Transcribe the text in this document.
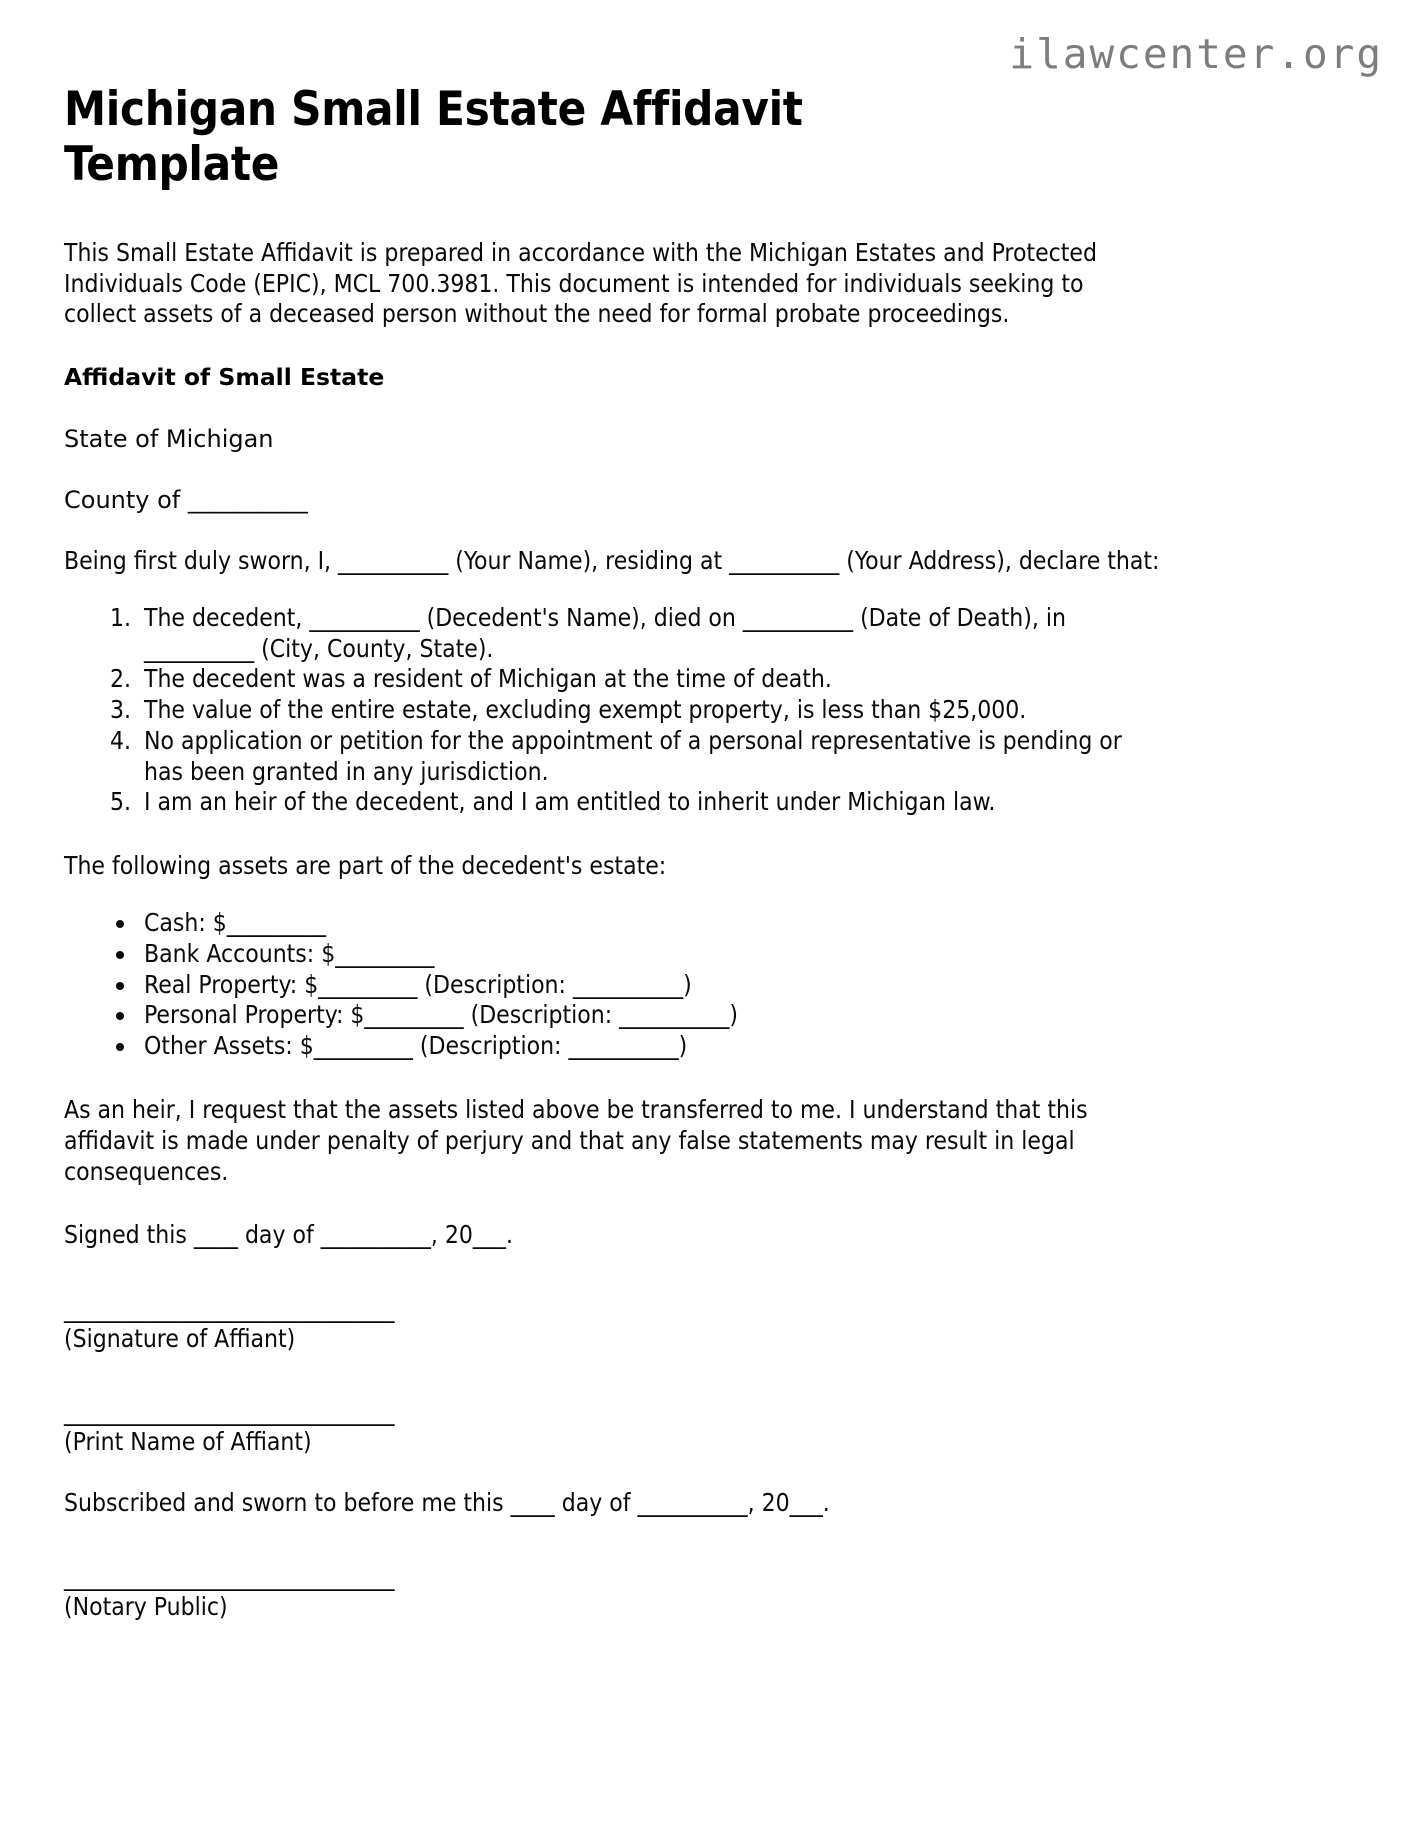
ilawcenter.org
Michigan Small Estate Affidavit Template

This Small Estate Affidavit is prepared in accordance with the Michigan Estates and Protected Individuals Code (EPIC), MCL 700.3981. This document is intended for individuals seeking to collect assets of a deceased person without the need for formal probate proceedings.

Affidavit of Small Estate

State of Michigan

County of __________

Being first duly sworn, I, __________ (Your Name), residing at __________ (Your Address), declare that:

1. The decedent, __________ (Decedent's Name), died on __________ (Date of Death), in __________ (City, County, State).
2. The decedent was a resident of Michigan at the time of death.
3. The value of the entire estate, excluding exempt property, is less than $25,000.
4. No application or petition for the appointment of a personal representative is pending or has been granted in any jurisdiction.
5. I am an heir of the decedent, and I am entitled to inherit under Michigan law.

The following assets are part of the decedent's estate:

• Cash: $_________
• Bank Accounts: $_________
• Real Property: $_________ (Description: __________)
• Personal Property: $_________ (Description: __________)
• Other Assets: $_________ (Description: __________)

As an heir, I request that the assets listed above be transferred to me. I understand that this affidavit is made under penalty of perjury and that any false statements may result in legal consequences.

Signed this ____ day of __________, 20___.

______________________________
(Signature of Affiant)
______________________________
(Print Name of Affiant)

Subscribed and sworn to before me this ____ day of __________, 20___.

______________________________
(Notary Public)
